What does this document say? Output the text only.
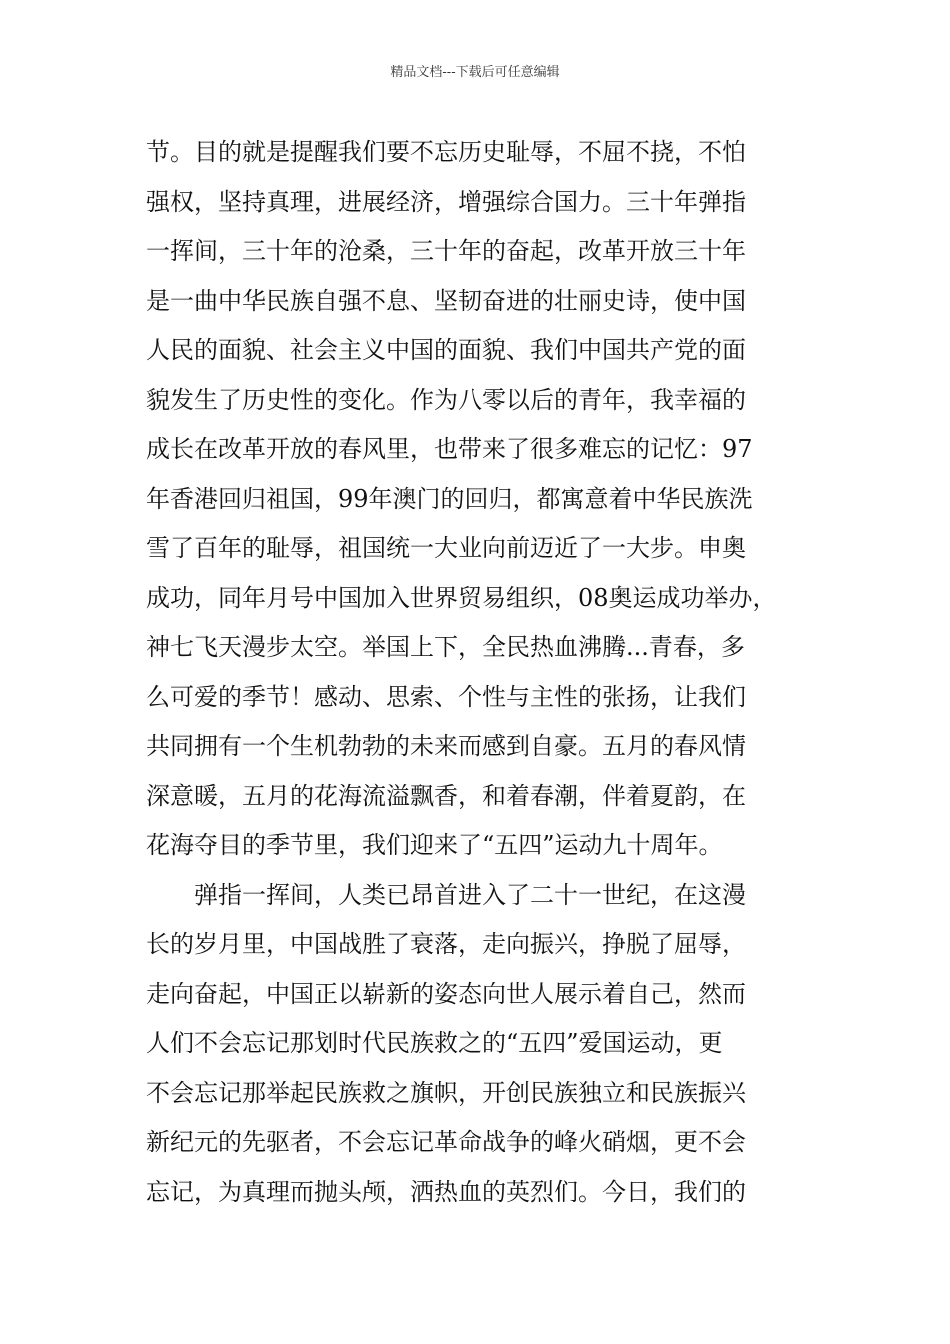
精品文档---下载后可任意编辑
节。目的就是提醒我们要不忘历史耻辱，不屈不挠，不怕
强权，坚持真理，进展经济，增强综合国力。三十年弹指
一挥间，三十年的沧桑，三十年的奋起，改革开放三十年
是一曲中华民族自强不息、坚韧奋进的壮丽史诗，使中国
人民的面貌、社会主义中国的面貌、我们中国共产党的面
貌发生了历史性的变化。作为八零以后的青年，我幸福的
成长在改革开放的春风里，也带来了很多难忘的记忆：97
年香港回归祖国，99年澳门的回归，都寓意着中华民族洗
雪了百年的耻辱，祖国统一大业向前迈近了一大步。申奥
成功，同年月号中国加入世界贸易组织，08奥运成功举办，
神七飞天漫步太空。举国上下，全民热血沸腾...青春，多
么可爱的季节！感动、思索、个性与主性的张扬，让我们
共同拥有一个生机勃勃的未来而感到自豪。五月的春风情
深意暖，五月的花海流溢飘香，和着春潮，伴着夏韵，在
花海夺目的季节里，我们迎来了“五四”运动九十周年。
　　弹指一挥间，人类已昂首进入了二十一世纪，在这漫
长的岁月里，中国战胜了衰落，走向振兴，挣脱了屈辱，
走向奋起，中国正以崭新的姿态向世人展示着自己，然而
人们不会忘记那划时代民族救之的“五四”爱国运动，更
不会忘记那举起民族救之旗帜，开创民族独立和民族振兴
新纪元的先驱者，不会忘记革命战争的峰火硝烟，更不会
忘记，为真理而抛头颅，洒热血的英烈们。今日，我们的
